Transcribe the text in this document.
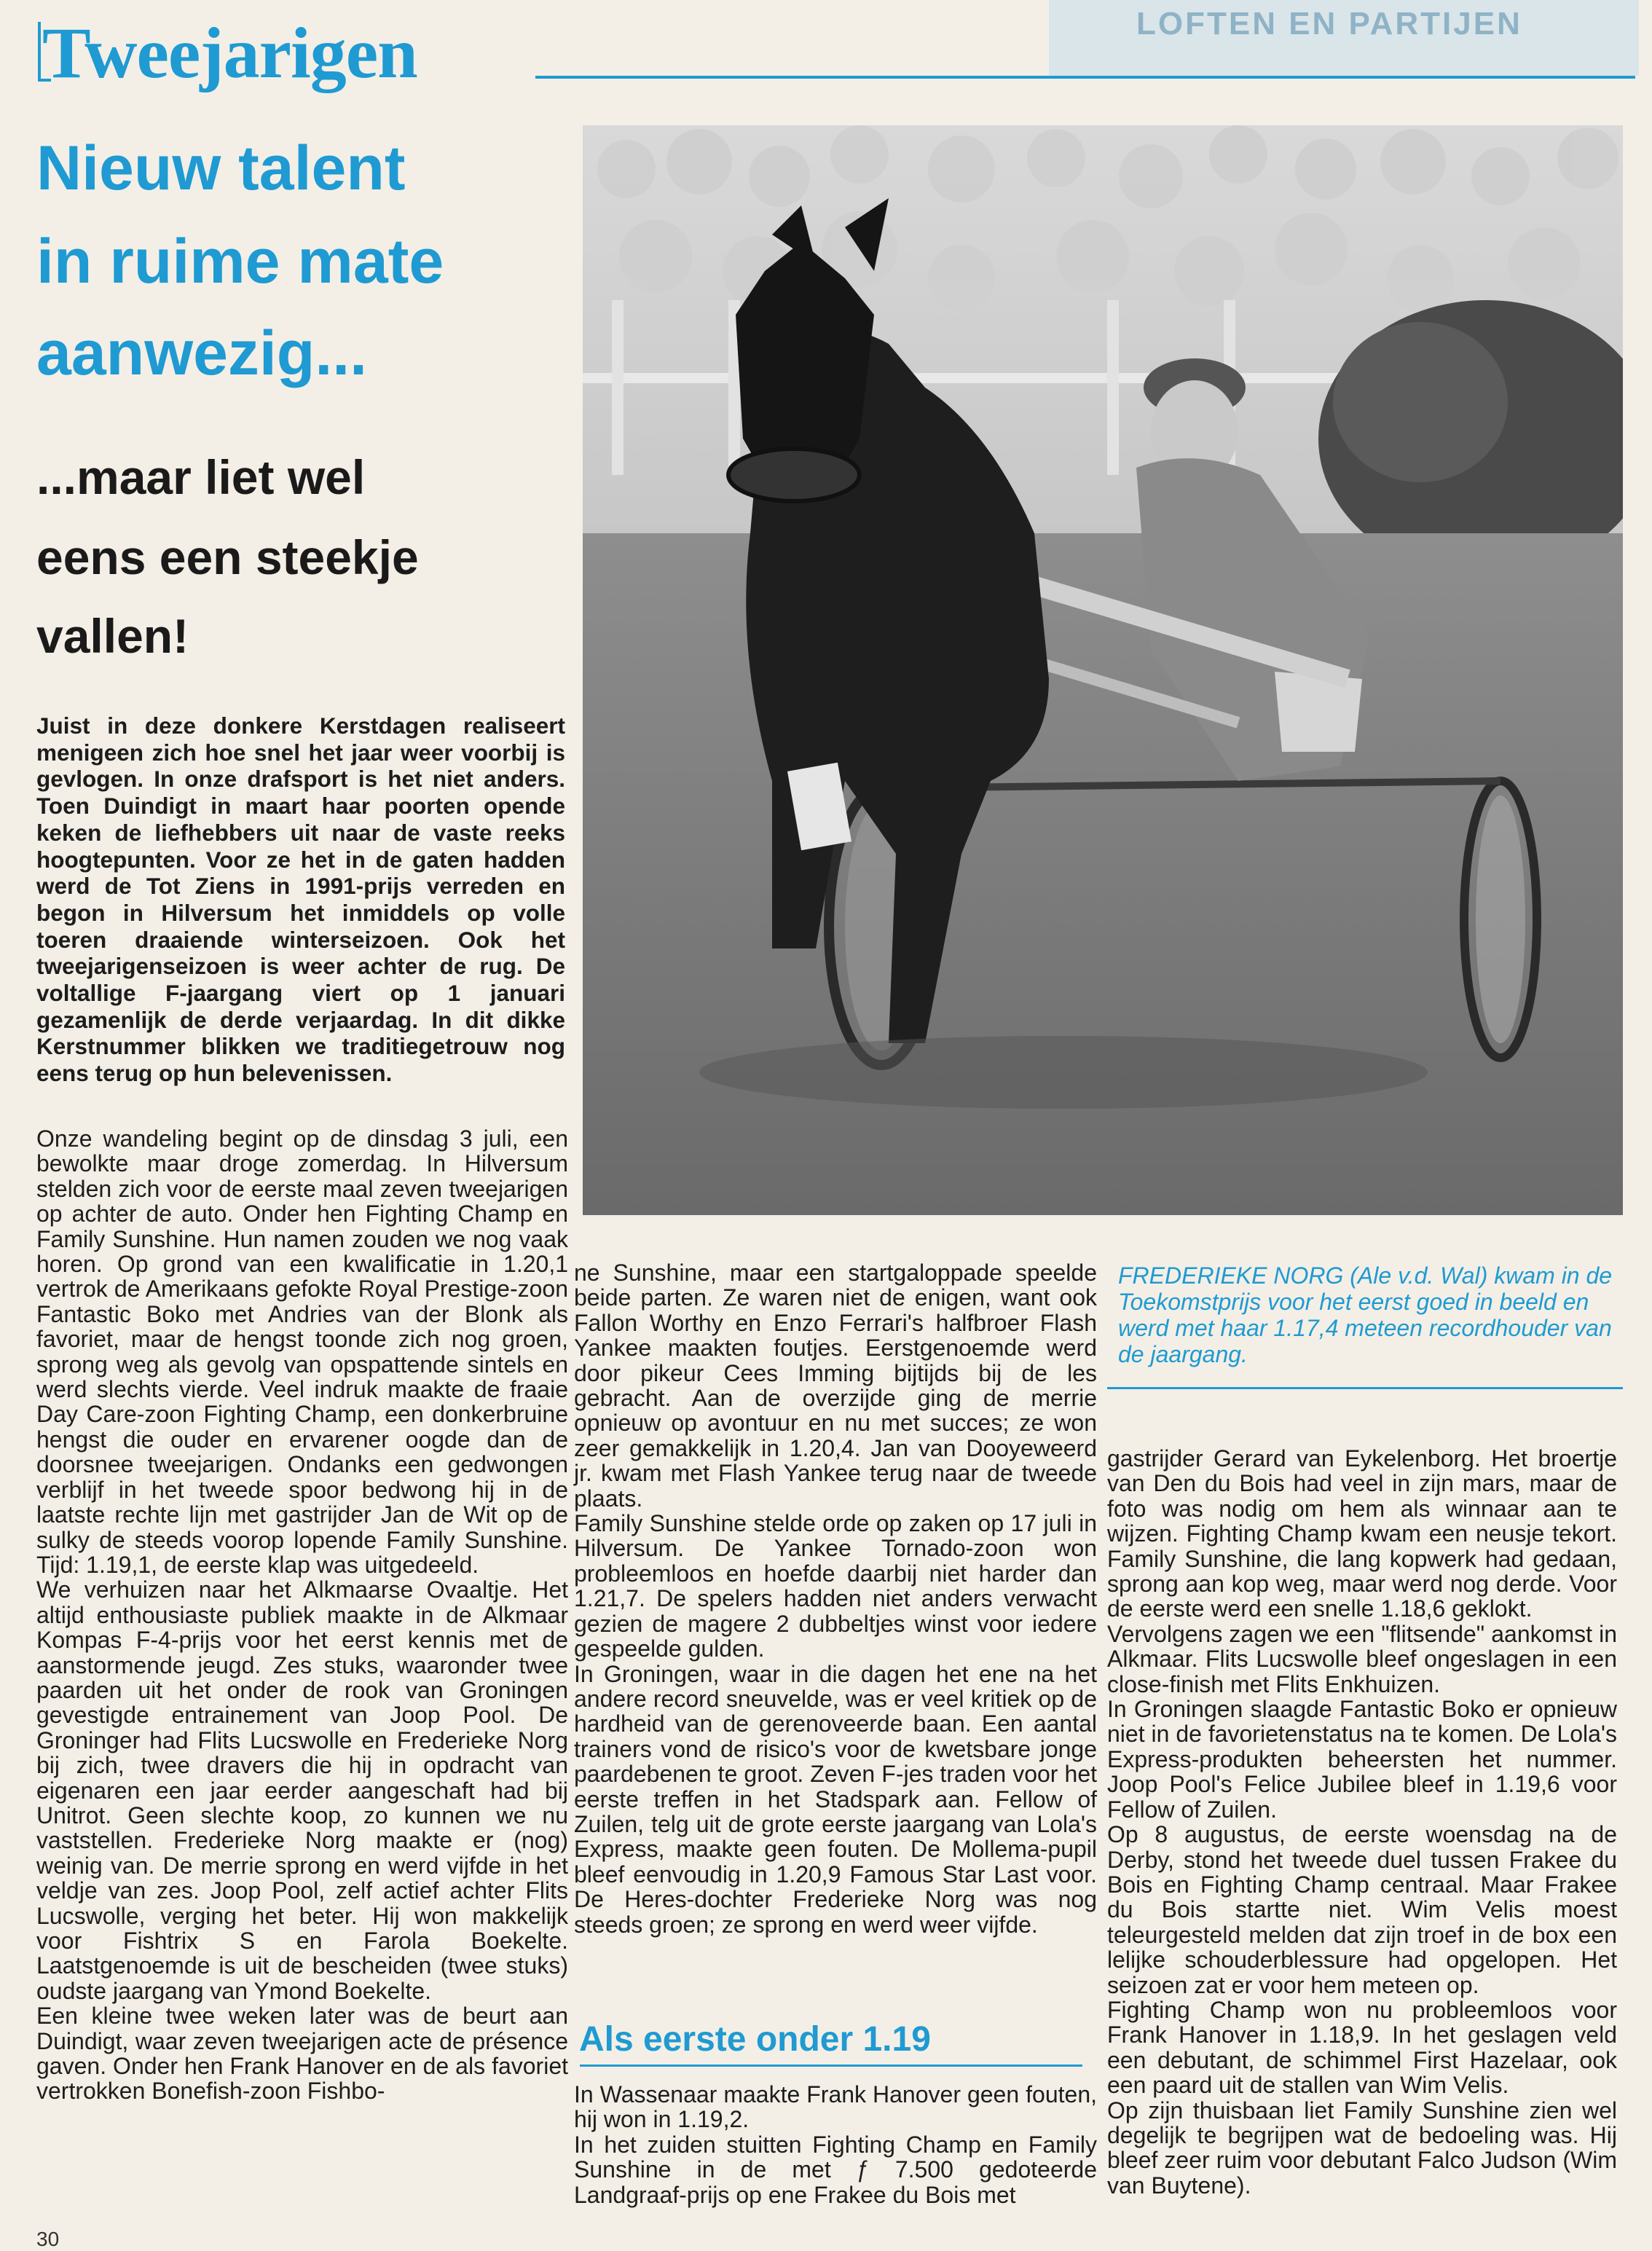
LOFTEN EN PARTIJEN
Tweejarigen
Nieuw talent
in ruime mate
aanwezig...
...maar liet wel
eens een steekje
vallen!
Juist in deze donkere Kerstdagen realiseert menigeen zich hoe snel het jaar weer voorbij is gevlogen. In onze drafsport is het niet anders. Toen Duindigt in maart haar poorten opende keken de liefhebbers uit naar de vaste reeks hoogtepunten. Voor ze het in de gaten hadden werd de Tot Ziens in 1991-prijs verreden en begon in Hilversum het inmiddels op volle toeren draaiende winterseizoen. Ook het tweejarigenseizoen is weer achter de rug. De voltallige F-jaargang viert op 1 januari gezamenlijk de derde verjaardag. In dit dikke Kerstnummer blikken we traditiegetrouw nog eens terug op hun belevenissen.
FREDERIEKE NORG (Ale v.d. Wal) kwam in de Toekomstprijs voor het eerst goed in beeld en werd met haar 1.17,4 meteen recordhouder van de jaargang.

Onze wandeling begint op de dinsdag 3 juli, een bewolkte maar droge zomerdag. In Hilversum stelden zich voor de eerste maal zeven tweejarigen op achter de auto. Onder hen Fighting Champ en Family Sunshine. Hun namen zouden we nog vaak horen. Op grond van een kwalificatie in 1.20,1 vertrok de Amerikaans gefokte Royal Prestige-zoon Fantastic Boko met Andries van der Blonk als favoriet, maar de hengst toonde zich nog groen, sprong weg als gevolg van opspattende sintels en werd slechts vierde. Veel indruk maakte de fraaie Day Care-zoon Fighting Champ, een donkerbruine hengst die ouder en ervarener oogde dan de doorsnee tweejarigen. Ondanks een gedwongen verblijf in het tweede spoor bedwong hij in de laatste rechte lijn met gastrijder Jan de Wit op de sulky de steeds voorop lopende Family Sunshine. Tijd: 1.19,1, de eerste klap was uitgedeeld.

We verhuizen naar het Alkmaarse Ovaaltje. Het altijd enthousiaste publiek maakte in de Alkmaar Kompas F-4-prijs voor het eerst kennis met de aanstormende jeugd. Zes stuks, waaronder twee paarden uit het onder de rook van Groningen gevestigde entrainement van Joop Pool. De Groninger had Flits Lucswolle en Frederieke Norg bij zich, twee dravers die hij in opdracht van eigenaren een jaar eerder aangeschaft had bij Unitrot. Geen slechte koop, zo kunnen we nu vaststellen. Frederieke Norg maakte er (nog) weinig van. De merrie sprong en werd vijfde in het veldje van zes. Joop Pool, zelf actief achter Flits Lucswolle, verging het beter. Hij won makkelijk voor Fishtrix S en Farola Boekelte. Laatstgenoemde is uit de bescheiden (twee stuks) oudste jaargang van Ymond Boekelte.

Een kleine twee weken later was de beurt aan Duindigt, waar zeven tweejarigen acte de présence gaven. Onder hen Frank Hanover en de als favoriet vertrokken Bonefish-zoon Fishbo-

ne Sunshine, maar een startgaloppade speelde beide parten. Ze waren niet de enigen, want ook Fallon Worthy en Enzo Ferrari's halfbroer Flash Yankee maakten foutjes. Eerstgenoemde werd door pikeur Cees Imming bijtijds bij de les gebracht. Aan de overzijde ging de merrie opnieuw op avontuur en nu met succes; ze won zeer gemakkelijk in 1.20,4. Jan van Dooyeweerd jr. kwam met Flash Yankee terug naar de tweede plaats.

Family Sunshine stelde orde op zaken op 17 juli in Hilversum. De Yankee Tornado-zoon won probleemloos en hoefde daarbij niet harder dan 1.21,7. De spelers hadden niet anders verwacht gezien de magere 2 dubbeltjes winst voor iedere gespeelde gulden.

In Groningen, waar in die dagen het ene na het andere record sneuvelde, was er veel kritiek op de hardheid van de gerenoveerde baan. Een aantal trainers vond de risico's voor de kwetsbare jonge paardebenen te groot. Zeven F-jes traden voor het eerste treffen in het Stadspark aan. Fellow of Zuilen, telg uit de grote eerste jaargang van Lola's Express, maakte geen fouten. De Mollema-pupil bleef eenvoudig in 1.20,9 Famous Star Last voor. De Heres-dochter Frederieke Norg was nog steeds groen; ze sprong en werd weer vijfde.

Als eerste onder 1.19

In Wassenaar maakte Frank Hanover geen fouten, hij won in 1.19,2.

In het zuiden stuitten Fighting Champ en Family Sunshine in de met ƒ 7.500 gedoteerde Landgraaf-prijs op ene Frakee du Bois met

gastrijder Gerard van Eykelenborg. Het broertje van Den du Bois had veel in zijn mars, maar de foto was nodig om hem als winnaar aan te wijzen. Fighting Champ kwam een neusje tekort. Family Sunshine, die lang kopwerk had gedaan, sprong aan kop weg, maar werd nog derde. Voor de eerste werd een snelle 1.18,6 geklokt.

Vervolgens zagen we een "flitsende" aankomst in Alkmaar. Flits Lucswolle bleef ongeslagen in een close-finish met Flits Enkhuizen.

In Groningen slaagde Fantastic Boko er opnieuw niet in de favorietenstatus na te komen. De Lola's Express-produkten beheersten het nummer. Joop Pool's Felice Jubilee bleef in 1.19,6 voor Fellow of Zuilen.

Op 8 augustus, de eerste woensdag na de Derby, stond het tweede duel tussen Frakee du Bois en Fighting Champ centraal. Maar Frakee du Bois startte niet. Wim Velis moest teleurgesteld melden dat zijn troef in de box een lelijke schouderblessure had opgelopen. Het seizoen zat er voor hem meteen op.

Fighting Champ won nu probleemloos voor Frank Hanover in 1.18,9. In het geslagen veld een debutant, de schimmel First Hazelaar, ook een paard uit de stallen van Wim Velis.

Op zijn thuisbaan liet Family Sunshine zien wel degelijk te begrijpen wat de bedoeling was. Hij bleef zeer ruim voor debutant Falco Judson (Wim van Buytene).

30
